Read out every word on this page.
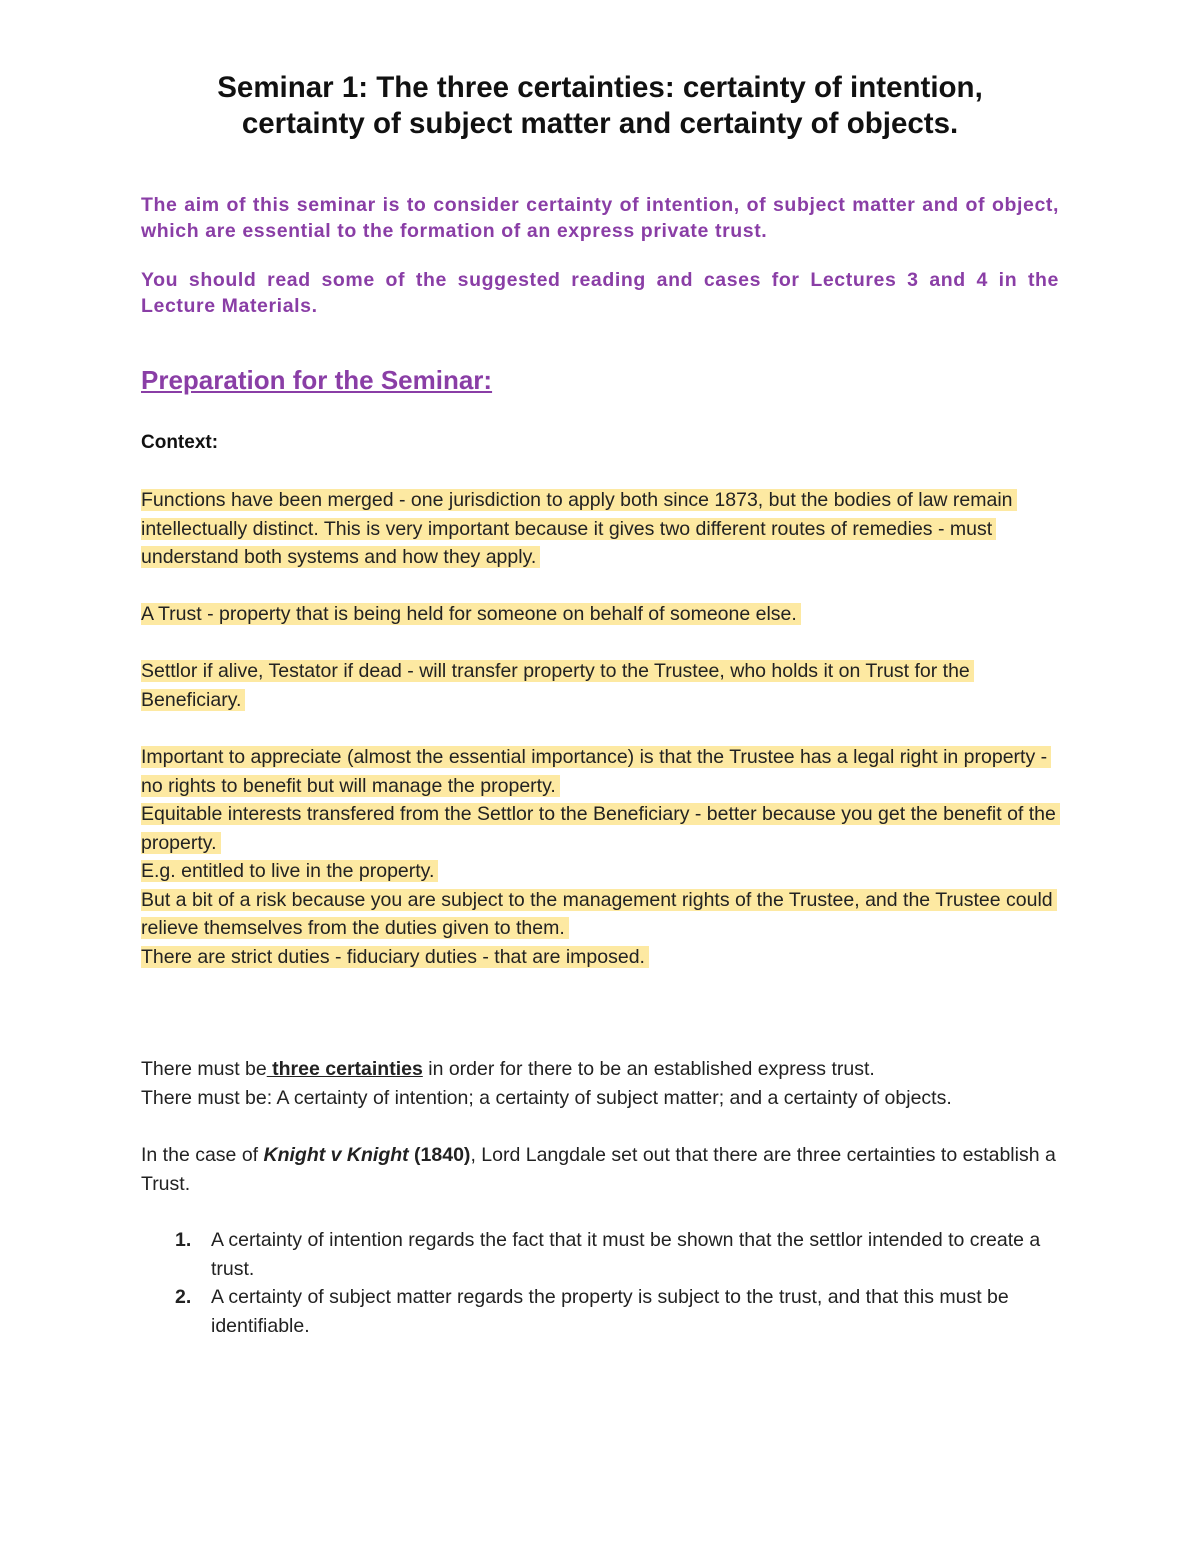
Seminar 1: The three certainties: certainty of intention,
certainty of subject matter and certainty of objects.
The aim of this seminar is to consider certainty of intention, of subject matter and of object, which are essential to the formation of an express private trust.
You should read some of the suggested reading and cases for Lectures 3 and 4 in the Lecture Materials.
Preparation for the Seminar:
Context:
Functions have been merged - one jurisdiction to apply both since 1873, but the bodies of law remain intellectually distinct. This is very important because it gives two different routes of remedies - must understand both systems and how they apply.
A Trust - property that is being held for someone on behalf of someone else.
Settlor if alive, Testator if dead - will transfer property to the Trustee, who holds it on Trust for the Beneficiary.
Important to appreciate (almost the essential importance) is that the Trustee has a legal right in property - no rights to benefit but will manage the property.
Equitable interests transfered from the Settlor to the Beneficiary - better because you get the benefit of the property.
E.g. entitled to live in the property.
But a bit of a risk because you are subject to the management rights of the Trustee, and the Trustee could relieve themselves from the duties given to them.
There are strict duties - fiduciary duties - that are imposed.
There must be three certainties in order for there to be an established express trust.
There must be: A certainty of intention; a certainty of subject matter; and a certainty of objects.
In the case of Knight v Knight (1840), Lord Langdale set out that there are three certainties to establish a Trust.
1. A certainty of intention regards the fact that it must be shown that the settlor intended to create a trust.
2. A certainty of subject matter regards the property is subject to the trust, and that this must be identifiable.
